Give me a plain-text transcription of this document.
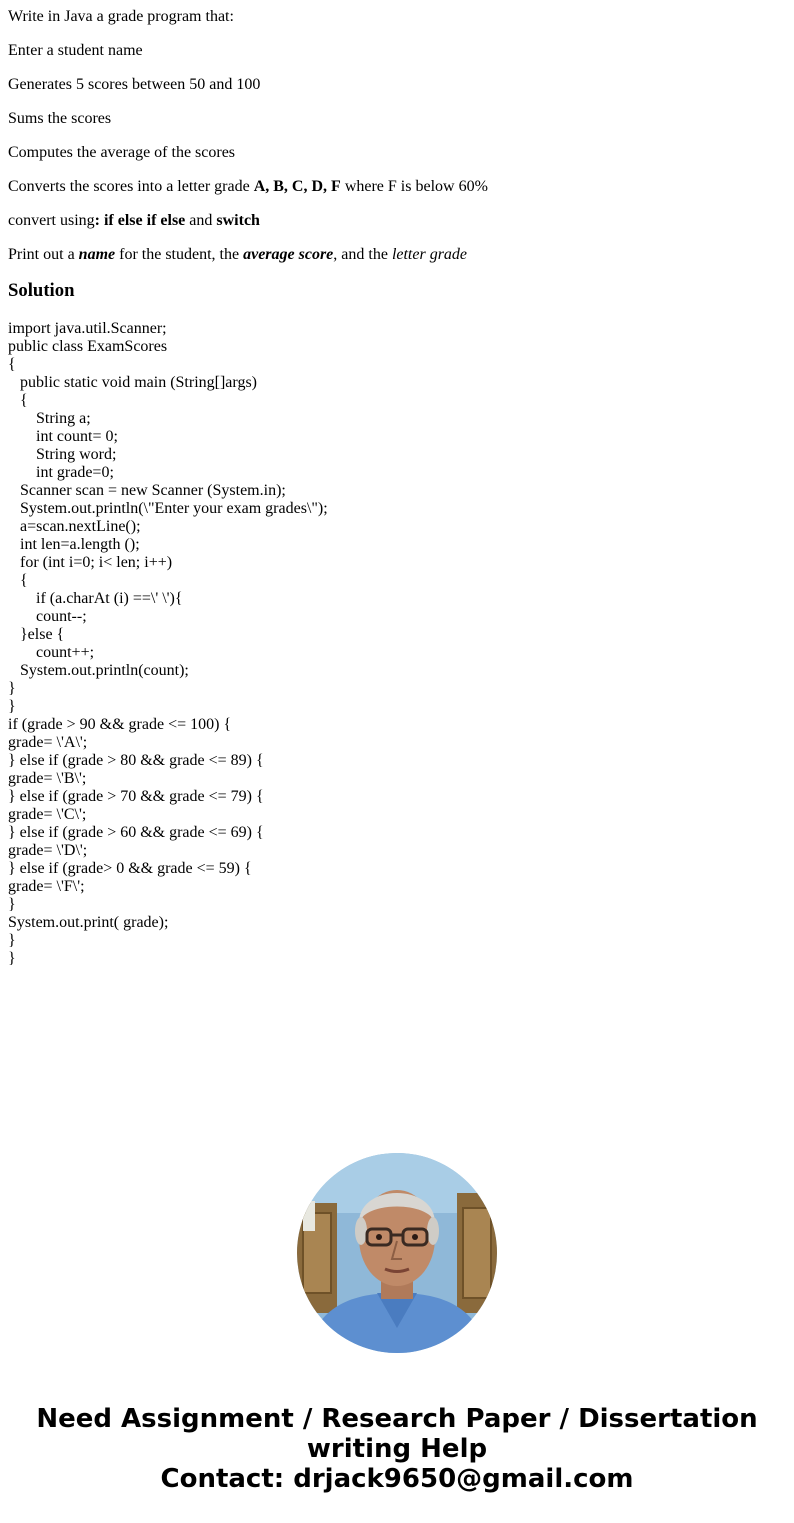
Write in Java a grade program that:
Enter a student name
Generates 5 scores between 50 and 100
Sums the scores
Computes the average of the scores
Converts the scores into a letter grade A, B, C, D, F where F is below 60%
convert using: if else if else and switch
Print out a name for the student, the average score, and the letter grade
Solution
import java.util.Scanner;
public class ExamScores
{
public static void main (String[]args)
{
String a;
int count= 0;
String word;
int grade=0;
Scanner scan = new Scanner (System.in);
System.out.println(\"Enter your exam grades\");
a=scan.nextLine();
int len=a.length ();
for (int i=0; i< len; i++)
{
if (a.charAt (i) ==\' \'){
count--;
}else {
count++;
System.out.println(count);
}
}
if (grade > 90 && grade <= 100) {
grade= \'A\';
} else if (grade > 80 && grade <= 89) {
grade= \'B\';
} else if (grade > 70 && grade <= 79) {
grade= \'C\';
} else if (grade > 60 && grade <= 69) {
grade= \'D\';
} else if (grade> 0 && grade <= 59) {
grade= \'F\';
}
System.out.print( grade);
}
}
Need Assignment / Research Paper / Dissertation
writing Help
Contact: drjack9650@gmail.com
